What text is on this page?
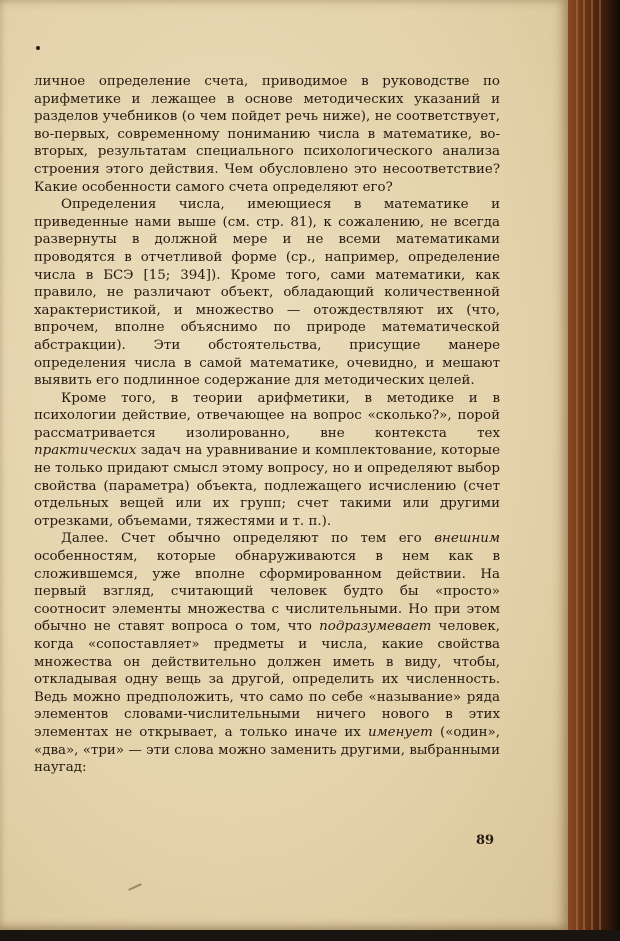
личное определение счета, приводимое в руководстве по арифметике и лежащее в основе методических указаний и разделов учебников (о чем пойдет речь ниже), не соответствует, во-первых, современному пониманию числа в математике, во-вторых, результатам специального психологического анализа строения этого действия. Чем обусловлено это несоответствие? Какие особенности самого счета определяют его?

Определения числа, имеющиеся в математике и приведенные нами выше (см. стр. 81), к сожалению, не всегда развернуты в должной мере и не всеми математиками проводятся в отчетливой форме (ср., например, определение числа в БСЭ [15; 394]). Кроме того, сами математики, как правило, не различают объект, обладающий количественной характеристикой, и множество — отождествляют их (что, впрочем, вполне объяснимо по природе математической абстракции). Эти обстоятельства, присущие манере определения числа в самой математике, очевидно, и мешают выявить его подлинное содержание для методических целей.

Кроме того, в теории арифметики, в методике и в психологии действие, отвечающее на вопрос «сколько?», порой рассматривается изолированно, вне контекста тех практических задач на уравнивание и комплектование, которые не только придают смысл этому вопросу, но и определяют выбор свойства (параметра) объекта, подлежащего исчислению (счет отдельных вещей или их групп; счет такими или другими отрезками, объемами, тяжестями и т. п.).

Далее. Счет обычно определяют по тем его внешним особенностям, которые обнаруживаются в нем как в сложившемся, уже вполне сформированном действии. На первый взгляд, считающий человек будто бы «просто» соотносит элементы множества с числительными. Но при этом обычно не ставят вопроса о том, что подразумевает человек, когда «сопоставляет» предметы и числа, какие свойства множества он действительно должен иметь в виду, чтобы, откладывая одну вещь за другой, определить их численность. Ведь можно предположить, что само по себе «называние» ряда элементов словами-числительными ничего нового в этих элементах не открывает, а только иначе их именует («один», «два», «три» — эти слова можно заменить другими, выбранными наугад:

89
